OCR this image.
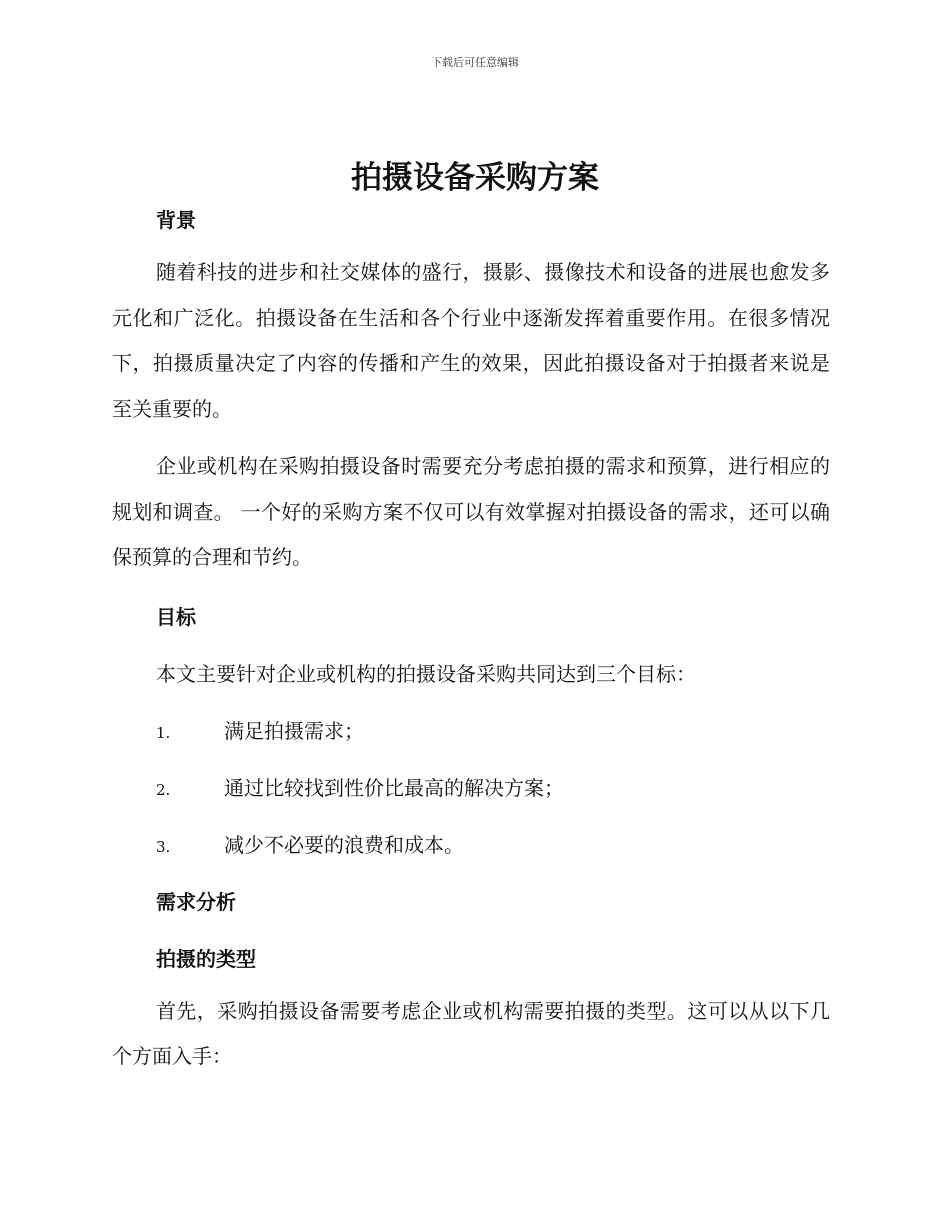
下载后可任意编辑
拍摄设备采购方案
背景

随着科技的进步和社交媒体的盛行，摄影、摄像技术和设备的进展也愈发多元化和广泛化。拍摄设备在生活和各个行业中逐渐发挥着重要作用。在很多情况下，拍摄质量决定了内容的传播和产生的效果，因此拍摄设备对于拍摄者来说是至关重要的。

企业或机构在采购拍摄设备时需要充分考虑拍摄的需求和预算，进行相应的规划和调查。 一个好的采购方案不仅可以有效掌握对拍摄设备的需求，还可以确保预算的合理和节约。

目标
本文主要针对企业或机构的拍摄设备采购共同达到三个目标：
1.	满足拍摄需求；
2.	通过比较找到性价比最高的解决方案；
3.	减少不必要的浪费和成本。
需求分析
拍摄的类型

首先，采购拍摄设备需要考虑企业或机构需要拍摄的类型。这可以从以下几个方面入手：
